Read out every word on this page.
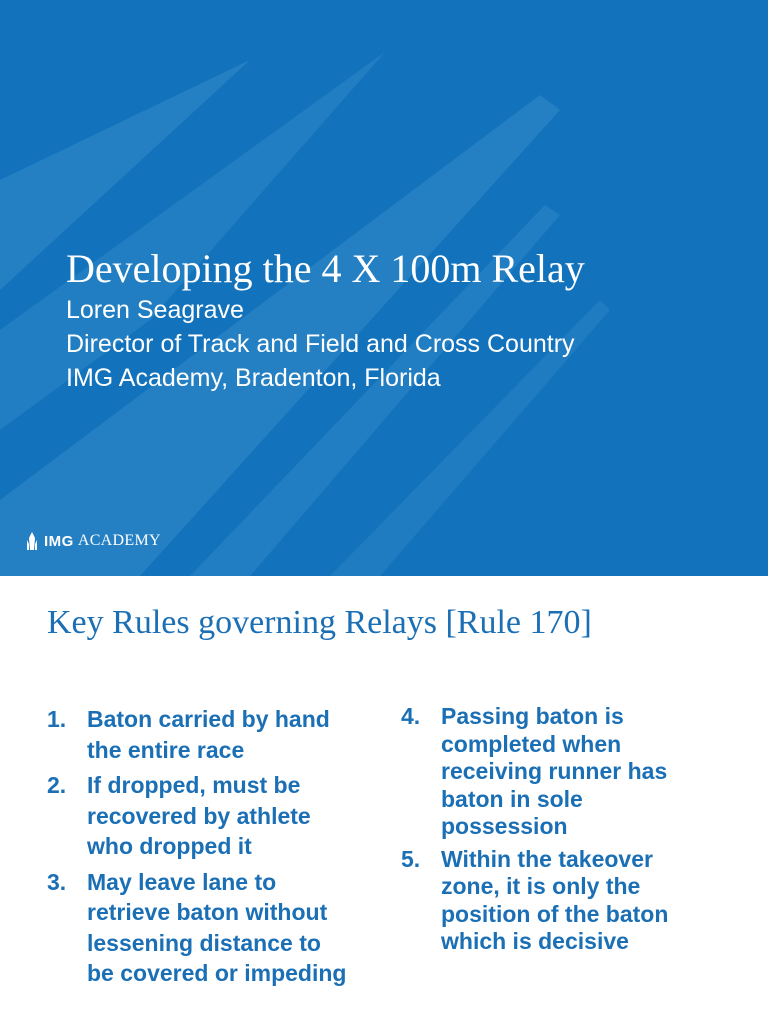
Developing the 4 X 100m Relay
Loren Seagrave
Director of Track and Field and Cross Country
IMG Academy, Bradenton, Florida
IMG ACADEMY
Key Rules governing Relays [Rule 170]
1. Baton carried by hand the entire race
2. If dropped, must be recovered by athlete who dropped it
3. May leave lane to retrieve baton without lessening distance to be covered or impeding
4. Passing baton is completed when receiving runner has baton in sole possession
5. Within the takeover zone, it is only the position of the baton which is decisive
